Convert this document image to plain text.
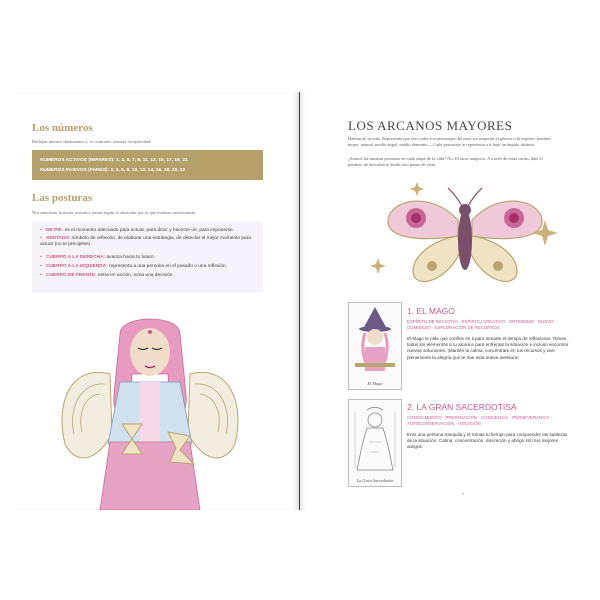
Los números
Reflejan nuestro dinamismo o, lo contrario, nuestra receptividad:
NUMEROS ACTIVOS (IMPARES): 1, 3, 5, 7, 9, 11, 13, 15, 17, 19, 21
NUMEROS PASIVOS (PARES): 2, 4, 6, 8, 10, 12, 14, 16, 18, 20, 22
Las posturas
Nos muestran la mejor actitud a tomar según la situación por la que estamos atravesando:
• DE PIE: es el momento adecuado para actuar, para decir y hacerse oír, para imponerse.
• SENTADO: símbolo de reflexión, de elaborar una estrategia, de detectar el mejor momento para actuar (no te precipites).
• CUERPO A LA DERECHA: avanza hacia tu futuro.
• CUERPO A LA IZQUIERDA: representa a una persona en el pasado o una reflexión.
• CUERPO DE FRENTE: entra en acción, toma una decisión.
LOS ARCANOS MAYORES
Hablan de tu vida. Representa que eres todos los personajes del tarot sin importar el género o la especie: hombre, mujer, animal, medio ángel, medio demonio.... Cada personaje te representa a ti bajo un ángulo distinto.
¿Somos las mismas personas en cada etapa de la vida? No. El tarot tampoco. A través de estas cartas, date el permiso de descubrirte desde otro punto de vista.
El Mago
1. EL MAGO
ESPÍRITU DE INICIATIVA · ESPÍRITU CREATIVO · OPTIMISMO · NUEVO COMIENZO · EXPLORACIÓN DE RECURSOS
El Mago te pide que confíes en ti para tomarte el tiempo de reflexionar. Tienes todos los elementos a tu alcance para enfrentar la situación e incluso encontrar nuevas soluciones. ¡Mantén la calma, concéntrate en tus recursos y vive plenamente la alegría que te trae esta nueva aventura!
La Gran Sacerdotisa
2. LA GRAN SACERDOTISA
CONOCIMIENTO · PREPARACIÓN · CONCIENCIA · PERSEVERANCIA · AUTOCONSERVACIÓN · INTUICIÓN
Eres una persona tranquila y te tomas tu tiempo para comprender las sutilezas de la situación. Calma, concentración, discreción y abrigo son tus mejores amigos.
6
